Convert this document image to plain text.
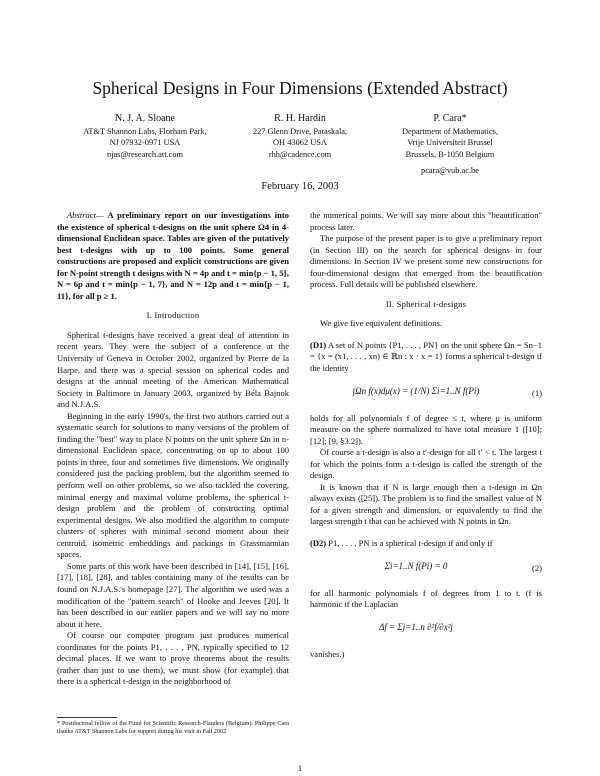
Spherical Designs in Four Dimensions (Extended Abstract)
N. J. A. Sloane
AT&T Shannon Labs, Florham Park,
NJ 07932-0971 USA
njas@research.att.com
R. H. Hardin
227 Glenn Drive, Pataskala,
OH 43062 USA
rhh@cadence.com
P. Cara*
Department of Mathematics,
Vrije Universiteit Brussel
Brussels, B-1050 Belgium
pcara@vub.ac.be
February 16, 2003

Abstract— A preliminary report on our investigations into the existence of spherical t-designs on the unit sphere Ω4 in 4-dimensional Euclidean space. Tables are given of the putatively best t-designs with up to 100 points. Some general constructions are proposed and explicit constructions are given for N-point strength t designs with N = 4p and t = min{p − 1, 5}, N = 6p and t = min{p − 1, 7}, and N = 12p and t = min{p − 1, 11}, for all p ≥ 1.

I. Introduction

Spherical t-designs have received a great deal of attention in recent years. They were the subject of a conference at the University of Geneva in October 2002, organized by Pierre de la Harpe, and there was a special session on spherical codes and designs at the annual meeting of the American Mathematical Society in Baltimore in January 2003, organized by Béla Bajnok and N.J.A.S.

Beginning in the early 1990's, the first two authors carried out a systematic search for solutions to many versions of the problem of finding the "best" way to place N points on the unit sphere Ωn in n-dimensional Euclidean space, concentrating on up to about 100 points in three, four and sometimes five dimensions. We originally considered just the packing problem, but the algorithm seemed to perform well on other problems, so we also tackled the covering, minimal energy and maximal volume problems, the spherical t-design problem and the problem of constructing optimal experimental designs. We also modified the algorithm to compute clusters of spheres with minimal second moment about their centroid, isometric embeddings and packings in Grassmannian spaces.

Some parts of this work have been described in [14], [15], [16], [17], [18], [28], and tables containing many of the results can be found on N.J.A.S.'s homepage [27]. The algorithm we used was a modification of the "pattern search" of Hooke and Jeeves [20]. It has been described in our earlier papers and we will say no more about it here.

Of course our computer program just produces numerical coordinates for the points P1, . . . , PN, typically specified to 12 decimal places. If we want to prove theorems about the results (rather than just to use them), we must show (for example) that there is a spherical t-design in the neighborhood of

* Postdoctoral fellow of the Fund for Scientific Research-Flanders (Belgium). Philippe Cara thanks AT&T Shannon Labs for support during his visit in Fall 2002

the numerical points. We will say more about this "beautification" process later.

The purpose of the present paper is to give a preliminary report (in Section III) on the search for spherical designs in four dimensions. In Section IV we present some new constructions for four-dimensional designs that emerged from the beautification process. Full details will be published elsewhere.

II. Spherical t-designs

We give five equivalent definitions.

(D1) A set of N points {P1, . . . , PN} on the unit sphere Ωn = Sn−1 = {x = (x1, . . . , xn) ∈ ℝn : x · x = 1} forms a spherical t-design if the identity

∫Ωn f(x)dμ(x) = (1/N) Σi=1..N f(Pi)	(1)

holds for all polynomials f of degree ≤ t, where μ is uniform measure on the sphere normalized to have total measure 1 ([10]; [12]; [9, §3.2]).

Of course a t-design is also a t′-design for all t′ < t. The largest t for which the points form a t-design is called the strength of the design.

It is known that if N is large enough then a t-design in Ωn always exists ([25]). The problem is to find the smallest value of N for a given strength and dimension, or equivalently to find the largest strength t that can be achieved with N points in Ωn.

(D2) P1, . . . , PN is a spherical t-design if and only if

Σi=1..N f(Pi) = 0	(2)

for all harmonic polynomials f of degrees from 1 to t. (f is harmonic if the Laplacian

Δf = Σj=1..n ∂²f/∂x²j

vanishes.)

1
